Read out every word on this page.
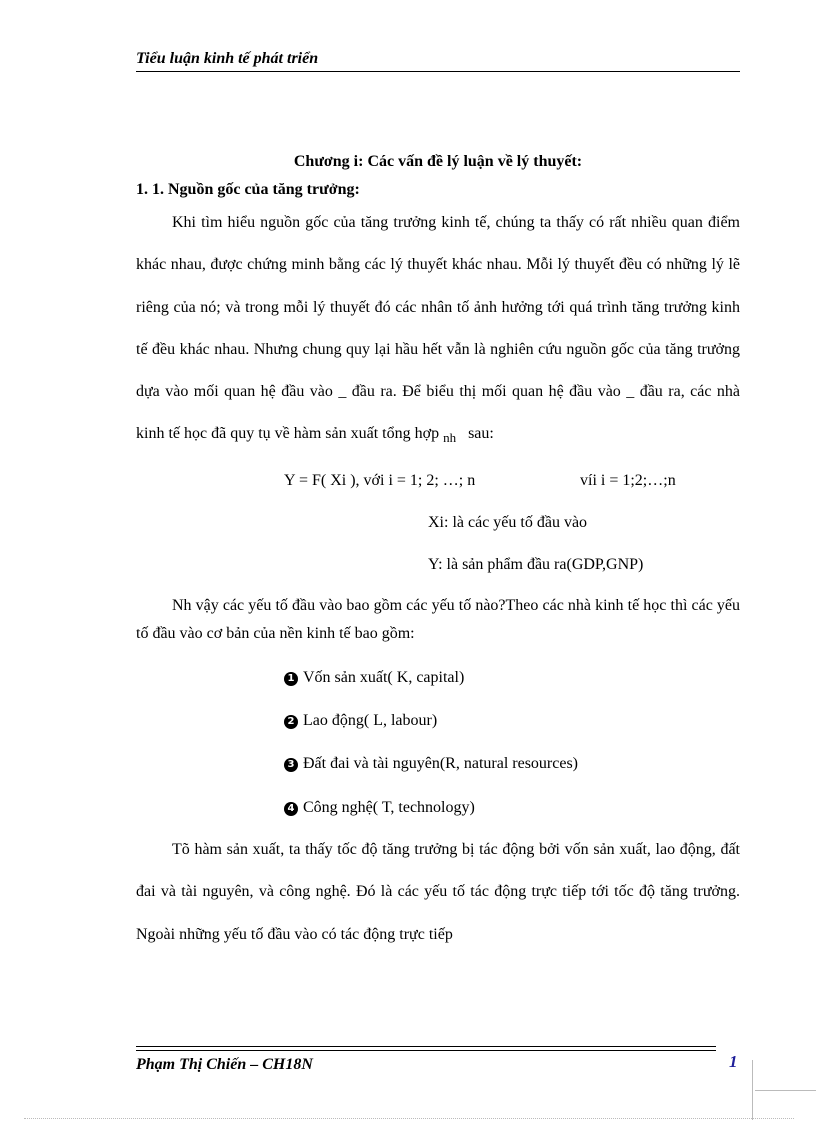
Tiểu luận kinh tế phát triển

Chương i: Các vấn đề lý luận về lý thuyết:

1. 1. Nguồn gốc của tăng trưởng:

Khi tìm hiểu nguồn gốc của tăng trưởng kinh tế, chúng ta thấy có rất nhiều quan điểm khác nhau, được chứng minh bằng các lý thuyết khác nhau. Mỗi lý thuyết đều có những lý lẽ riêng của nó; và trong mỗi lý thuyết đó các nhân tố ảnh hưởng tới quá trình tăng trưởng kinh tế đều khác nhau. Nhưng chung quy lại hầu hết vẫn là nghiên cứu nguồn gốc của tăng trưởng dựa vào mối quan hệ đầu vào _ đầu ra. Để biểu thị mối quan hệ đầu vào _ đầu ra, các nhà kinh tế học đã quy tụ về hàm sản xuất tổng hợp $_{nh}$ sau:

Y = F( Xi ), với i = 1; 2; …; n	víi i = 1;2;…;n
Xi: là các yếu tố đầu vào
Y: là sản phẩm đầu ra(GDP,GNP)

Nh vậy các yếu tố đầu vào bao gồm các yếu tố nào?Theo các nhà kinh tế học thì các yếu tố đầu vào cơ bản của nền kinh tế bao gồm:

1 Vốn sản xuất( K, capital)
2 Lao động( L, labour)
3 Đất đai và tài nguyên(R, natural resources)
4 Công nghệ( T, technology)

Tõ hàm sản xuất, ta thấy tốc độ tăng trưởng bị tác động bởi vốn sản xuất, lao động, đất đai và tài nguyên, và công nghệ. Đó là các yếu tố tác động trực tiếp tới tốc độ tăng trưởng. Ngoài những yếu tố đầu vào có tác động trực tiếp

Phạm Thị Chiến – CH18N	1
